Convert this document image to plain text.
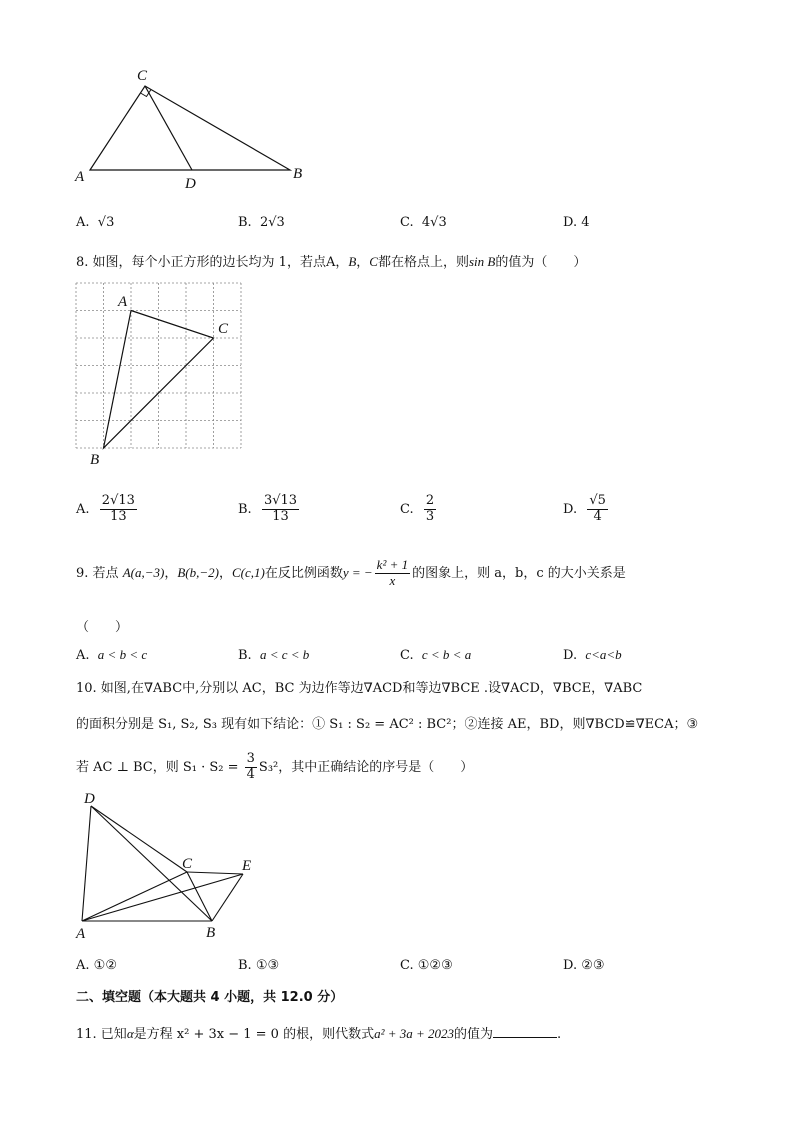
C
A	D
B
A. √3	B. 2√3	C. 4√3	D. 4
8. 如图，每个小正方形的边长均为 1，若点A，B，C都在格点上，则sin B的值为（　　）
A
C
B
A. $\frac{2√13}{13}$	B. $\frac{3√13}{13}$	C. $\frac{2}{3}$	D. $\frac{√5}{4}$
9. 若点 A(a,−3)，B(b,−2)，C(c,1)在反比例函数y = − $\frac{\text{k² + 1}}{x}$ 的图象上，则 a，b，c 的大小关系是
（　　）
A. a < b < c	B. a < c < b	C. c < b < a	D. c<a<b
10. 如图,在∇ABC中,分别以 AC，BC 为边作等边∇ACD和等边∇BCE .设∇ACD，∇BCE，∇ABC
的面积分别是 S₁, S₂, S₃ 现有如下结论：① S₁ : S₂ = AC² : BC²；②连接 AE，BD，则∇BCD≌∇ECA；③
若 AC ⊥ BC，则 $S_1 \cdot S_2 = \frac{3}{4} S_3^2$，其中正确结论的序号是（　　）
D
C	E
A	B
A. ①②	B. ①③	C. ①②③	D. ②③
二、填空题（本大题共 4 小题，共 12.0 分）
11. 已知α是方程 x² + 3x − 1 = 0 的根，则代数式a² + 3a + 2023的值为	.
